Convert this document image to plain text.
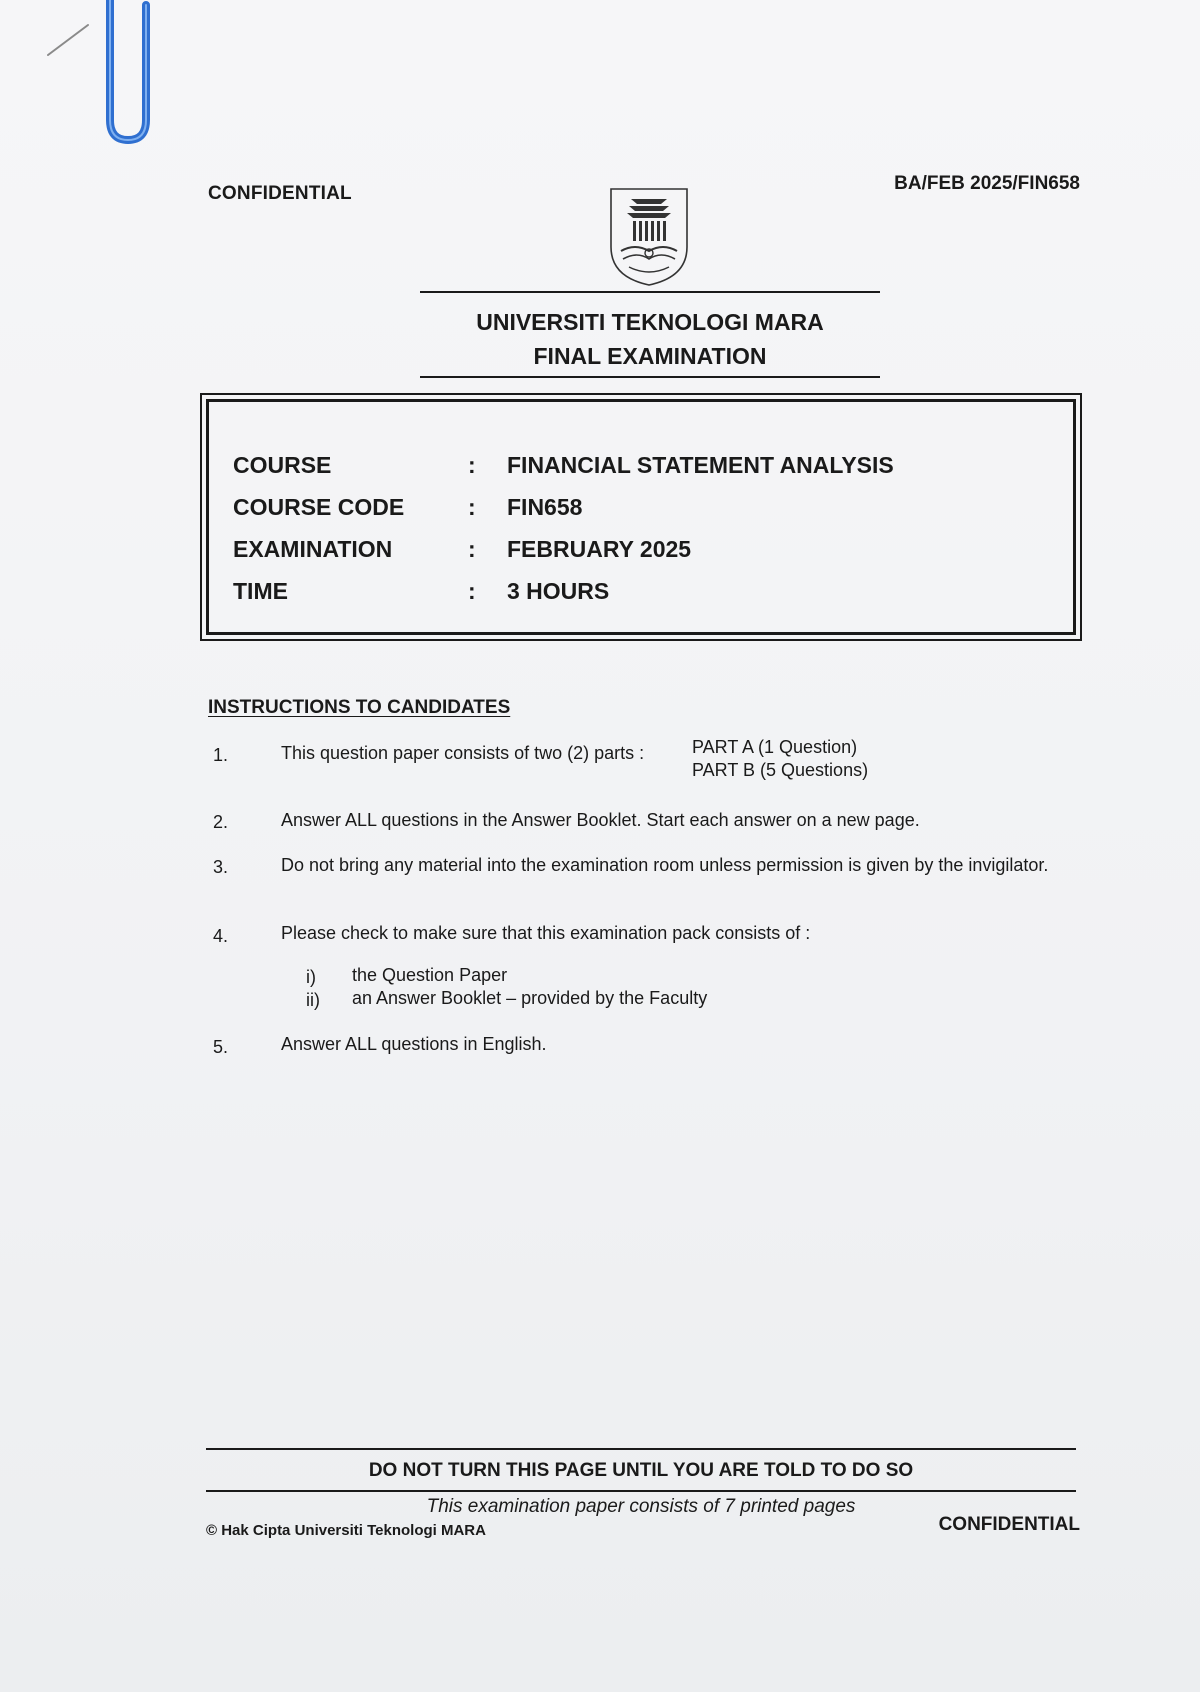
CONFIDENTIAL	BA/FEB 2025/FIN658
UNIVERSITI TEKNOLOGI MARA
FINAL EXAMINATION
COURSE	: FINANCIAL STATEMENT ANALYSIS
COURSE CODE	: FIN658
EXAMINATION	: FEBRUARY 2025
TIME	: 3 HOURS
INSTRUCTIONS TO CANDIDATES
1.	This question paper consists of two (2) parts :	PART A (1 Question)
PART B (5 Questions)
2.	Answer ALL questions in the Answer Booklet. Start each answer on a new page.
3.	Do not bring any material into the examination room unless permission is given by the invigilator.
4.	Please check to make sure that this examination pack consists of :
i) the Question Paper
ii) an Answer Booklet – provided by the Faculty
5.	Answer ALL questions in English.
DO NOT TURN THIS PAGE UNTIL YOU ARE TOLD TO DO SO
This examination paper consists of 7 printed pages
© Hak Cipta Universiti Teknologi MARA	CONFIDENTIAL
